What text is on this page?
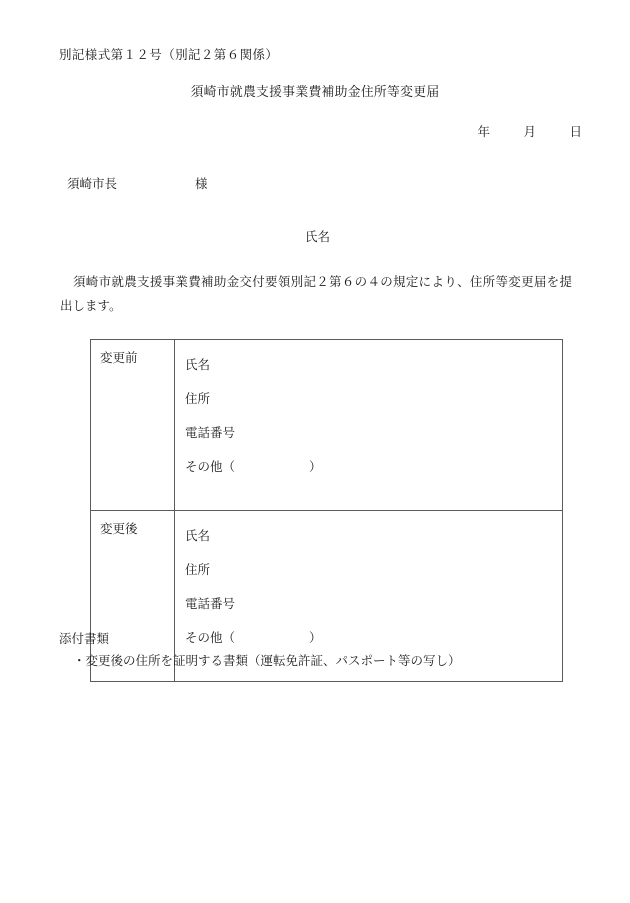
別記様式第１２号（別記２第６関係）
須崎市就農支援事業費補助金住所等変更届
年	月	日
須崎市長	様
氏名
須崎市就農支援事業費補助金交付要領別記２第６の４の規定により、住所等変更届を提出します。
変更前	氏名
住所
電話番号
その他（ ）

変更後	氏名
住所
電話番号
その他（ ）
添付書類
・変更後の住所を証明する書類（運転免許証、パスポート等の写し）
